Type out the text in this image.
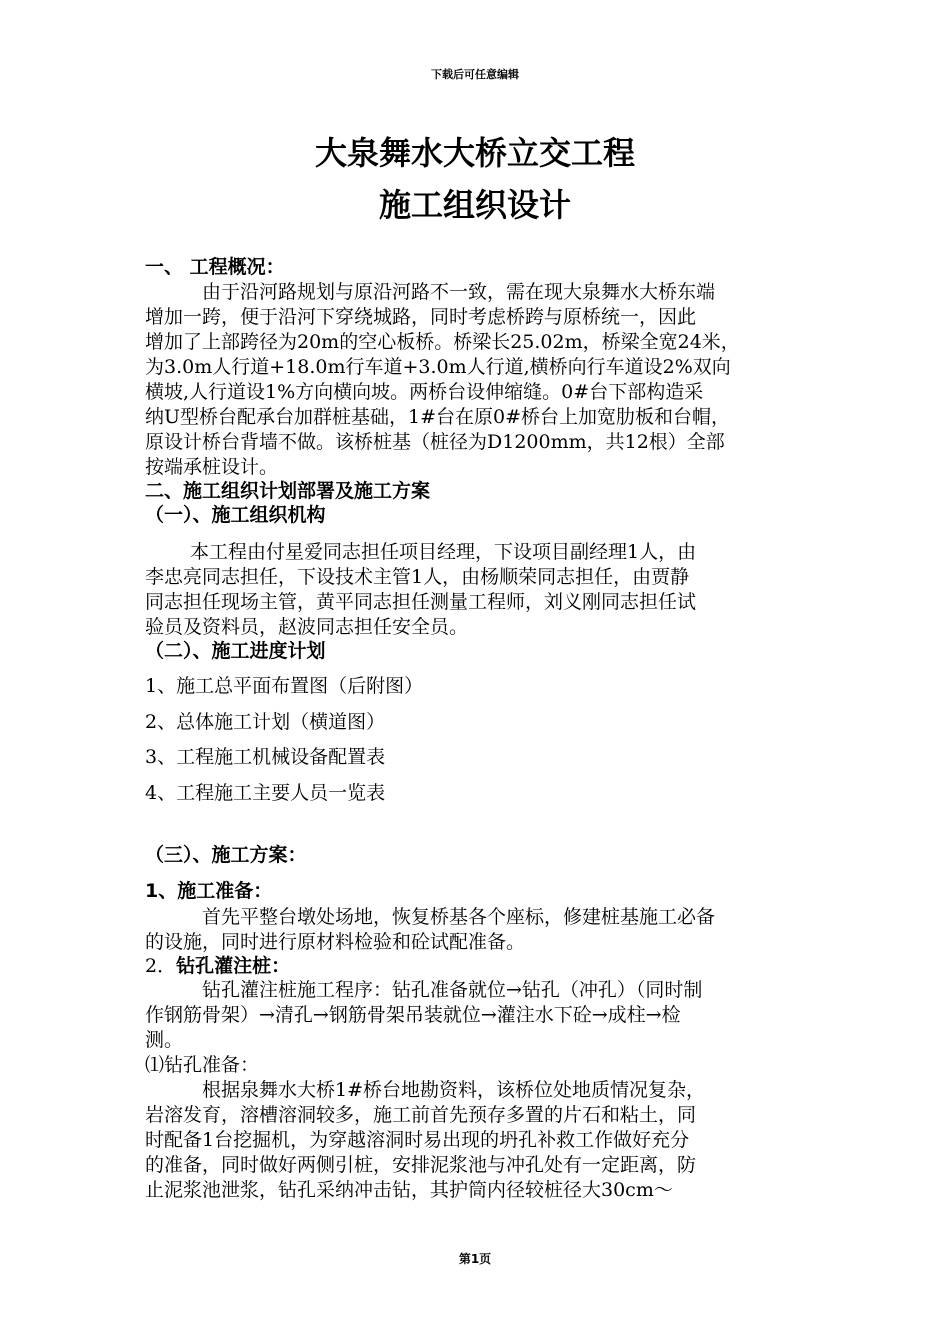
下载后可任意编辑
大泉舞水大桥立交工程
施工组织设计
一、 工程概况：
由于沿河路规划与原沿河路不一致，需在现大泉舞水大桥东端
增加一跨，便于沿河下穿绕城路，同时考虑桥跨与原桥统一，因此
增加了上部跨径为20m的空心板桥。桥梁长25.02m，桥梁全宽24米，
为3.0m人行道+18.0m行车道+3.0m人行道,横桥向行车道设2%双向
横坡,人行道设1%方向横向坡。两桥台设伸缩缝。0#台下部构造采
纳U型桥台配承台加群桩基础，1#台在原0#桥台上加宽肋板和台帽，
原设计桥台背墙不做。该桥桩基（桩径为D1200mm，共12根）全部
按端承桩设计。
二、施工组织计划部署及施工方案
（一）、施工组织机构
本工程由付星爱同志担任项目经理，下设项目副经理1人，由
李忠亮同志担任，下设技术主管1人，由杨顺荣同志担任，由贾静
同志担任现场主管，黄平同志担任测量工程师，刘义刚同志担任试
验员及资料员，赵波同志担任安全员。
（二）、施工进度计划
1、施工总平面布置图（后附图）
2、总体施工计划（横道图）
3、工程施工机械设备配置表
4、工程施工主要人员一览表
（三）、施工方案：
1、施工准备：
首先平整台墩处场地，恢复桥基各个座标，修建桩基施工必备
的设施，同时进行原材料检验和砼试配准备。
2．钻孔灌注桩：
钻孔灌注桩施工程序：钻孔准备就位→钻孔（冲孔）（同时制
作钢筋骨架）→清孔→钢筋骨架吊装就位→灌注水下砼→成柱→检
测。
⑴钻孔准备：
根据泉舞水大桥1#桥台地勘资料，该桥位处地质情况复杂，
岩溶发育，溶槽溶洞较多，施工前首先预存多置的片石和粘土，同
时配备1台挖掘机，为穿越溶洞时易出现的坍孔补救工作做好充分
的准备，同时做好两侧引桩，安排泥浆池与冲孔处有一定距离，防
止泥浆池泄浆，钻孔采纳冲击钻，其护筒内径较桩径大30cm～
第1页
